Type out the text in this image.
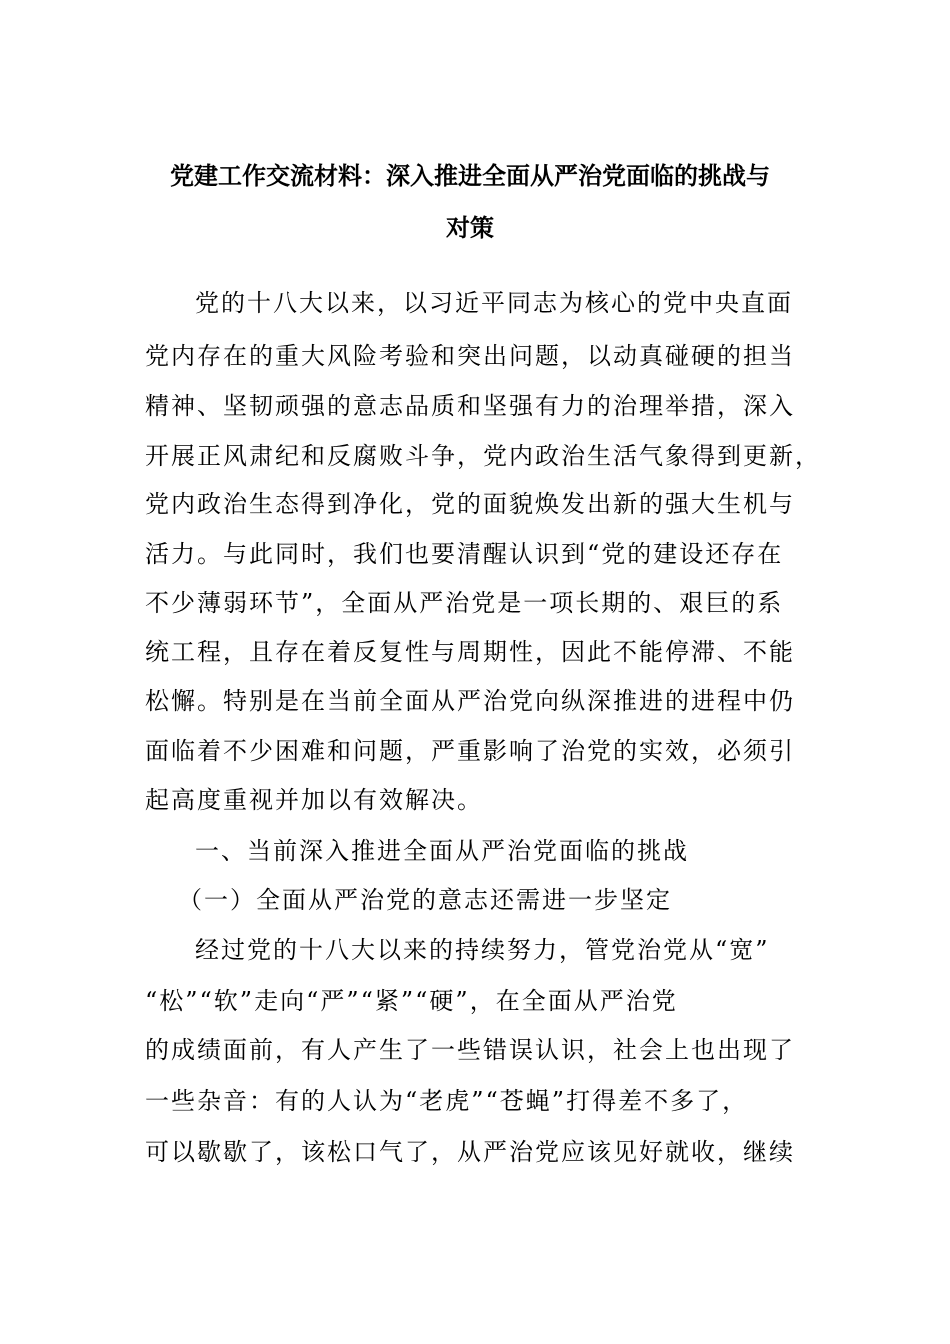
党建工作交流材料：深入推进全面从严治党面临的挑战与
对策
党的十八大以来，以习近平同志为核心的党中央直面
党内存在的重大风险考验和突出问题，以动真碰硬的担当
精神、坚韧顽强的意志品质和坚强有力的治理举措，深入
开展正风肃纪和反腐败斗争，党内政治生活气象得到更新，
党内政治生态得到净化，党的面貌焕发出新的强大生机与
活力。与此同时，我们也要清醒认识到“党的建设还存在
不少薄弱环节”，全面从严治党是一项长期的、艰巨的系
统工程，且存在着反复性与周期性，因此不能停滞、不能
松懈。特别是在当前全面从严治党向纵深推进的进程中仍
面临着不少困难和问题，严重影响了治党的实效，必须引
起高度重视并加以有效解决。
一、当前深入推进全面从严治党面临的挑战
（一）全面从严治党的意志还需进一步坚定
经过党的十八大以来的持续努力，管党治党从“宽”
“松”“软”走向“严”“紧”“硬”，在全面从严治党
的成绩面前，有人产生了一些错误认识，社会上也出现了
一些杂音：有的人认为“老虎”“苍蝇”打得差不多了，
可以歇歇了，该松口气了，从严治党应该见好就收，继续
